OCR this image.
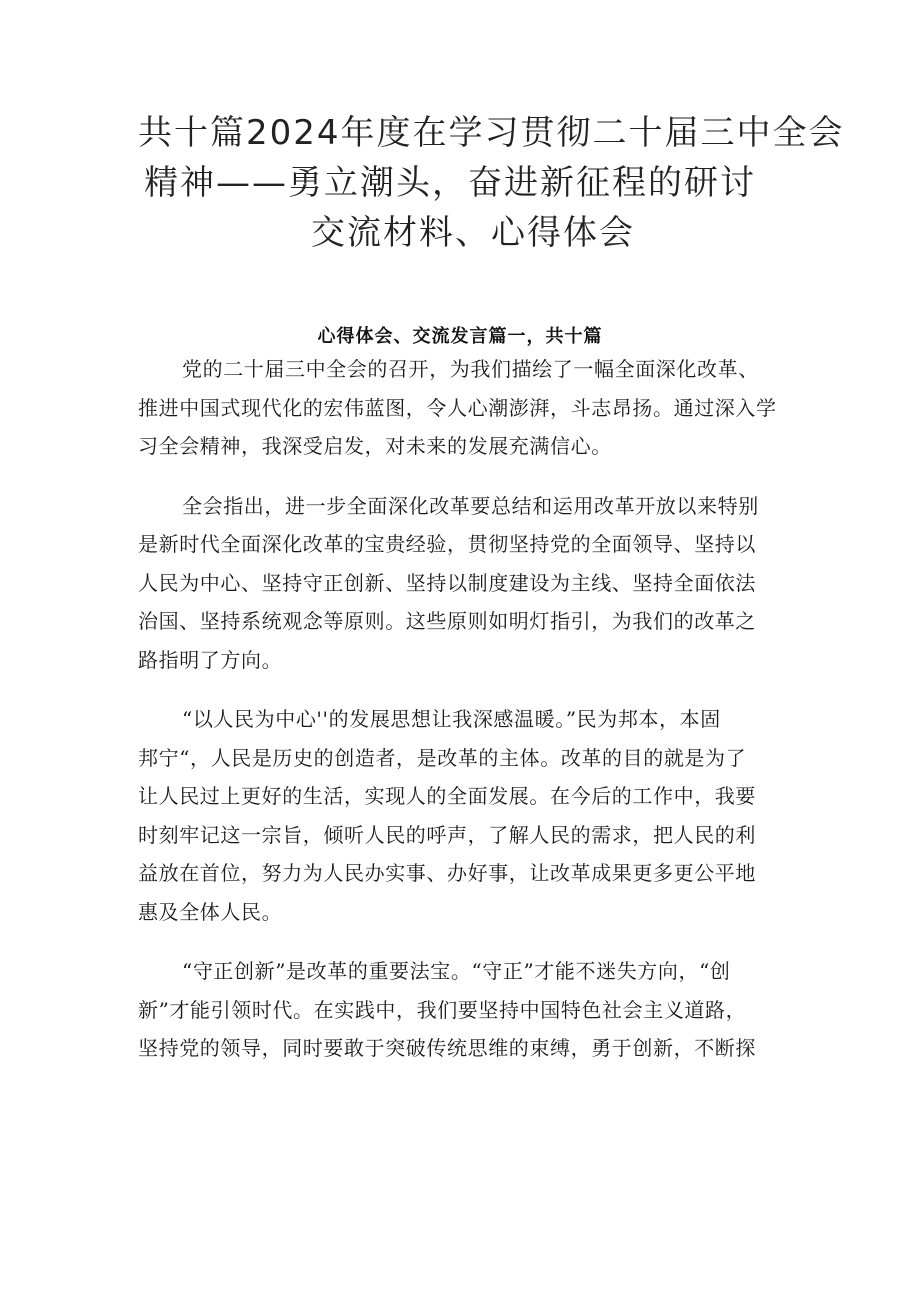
共十篇2024年度在学习贯彻二十届三中全会
精神——勇立潮头，奋进新征程的研讨
交流材料、心得体会
心得体会、交流发言篇一，共十篇
党的二十届三中全会的召开，为我们描绘了一幅全面深化改革、
推进中国式现代化的宏伟蓝图，令人心潮澎湃，斗志昂扬。通过深入学
习全会精神，我深受启发，对未来的发展充满信心。
全会指出，进一步全面深化改革要总结和运用改革开放以来特别
是新时代全面深化改革的宝贵经验，贯彻坚持党的全面领导、坚持以
人民为中心、坚持守正创新、坚持以制度建设为主线、坚持全面依法
治国、坚持系统观念等原则。这些原则如明灯指引，为我们的改革之
路指明了方向。
“以人民为中心''的发展思想让我深感温暖。”民为邦本，本固
邦宁“，人民是历史的创造者，是改革的主体。改革的目的就是为了
让人民过上更好的生活，实现人的全面发展。在今后的工作中，我要
时刻牢记这一宗旨，倾听人民的呼声，了解人民的需求，把人民的利
益放在首位，努力为人民办实事、办好事，让改革成果更多更公平地
惠及全体人民。
“守正创新”是改革的重要法宝。“守正”才能不迷失方向，“创
新”才能引领时代。在实践中，我们要坚持中国特色社会主义道路，
坚持党的领导，同时要敢于突破传统思维的束缚，勇于创新，不断探
